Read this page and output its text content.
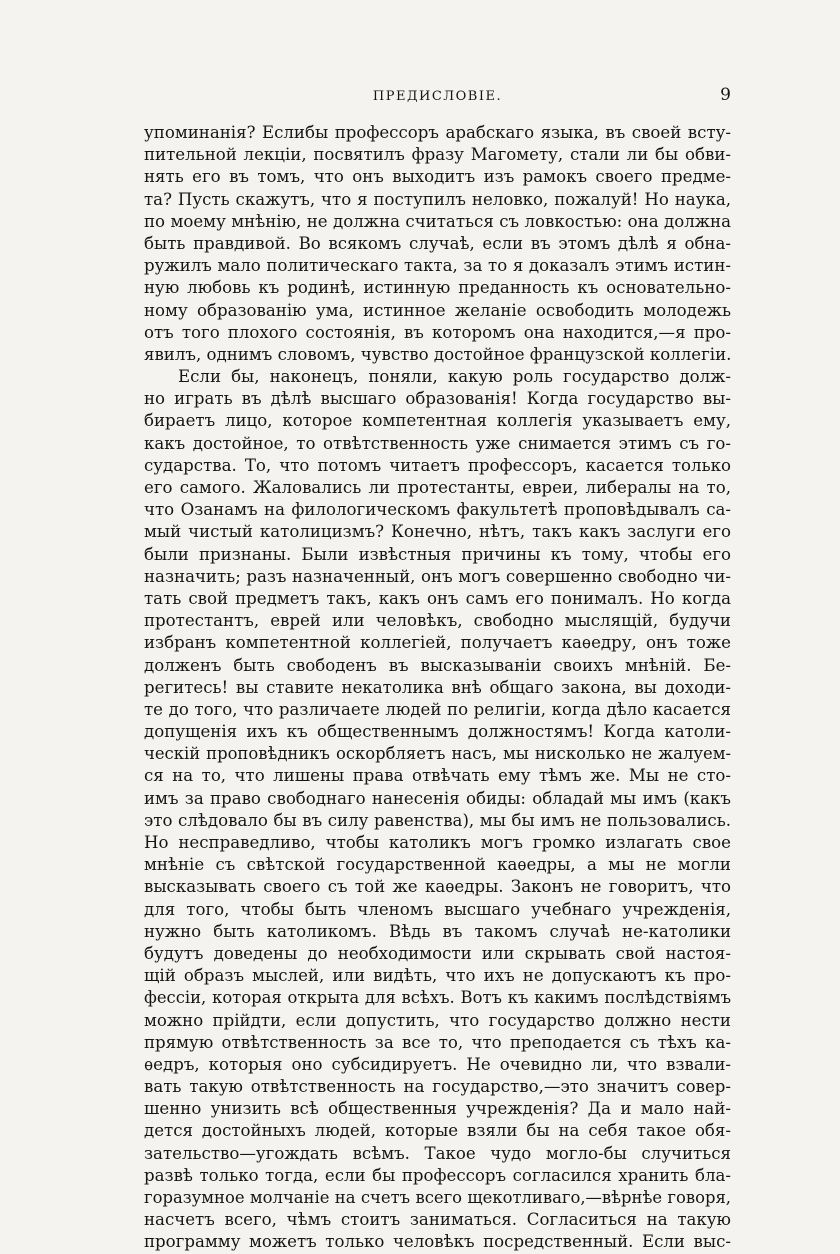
ПРЕДИСЛОВІЕ.	9
упоминанія? Еслибы профессоръ арабскаго языка, въ своей всту-
пительной лекціи, посвятилъ фразу Магомету, стали ли бы обви-
нять его въ томъ, что онъ выходитъ изъ рамокъ своего предме-
та? Пусть скажутъ, что я поступилъ неловко, пожалуй! Но наука,
по моему мнѣнію, не должна считаться съ ловкостью: она должна
быть правдивой. Во всякомъ случаѣ, если въ этомъ дѣлѣ я обна-
ружилъ мало политическаго такта, за то я доказалъ этимъ истин-
ную любовь къ родинѣ, истинную преданность къ основательно-
ному образованію ума, истинное желаніе освободить молодежь
отъ того плохого состоянія, въ которомъ она находится,—я про-
явилъ, однимъ словомъ, чувство достойное французской коллегіи.
Если бы, наконецъ, поняли, какую роль государство долж-
но играть въ дѣлѣ высшаго образованія! Когда государство вы-
бираетъ лицо, которое компетентная коллегія указываетъ ему,
какъ достойное, то отвѣтственность уже снимается этимъ съ го-
сударства. То, что потомъ читаетъ профессоръ, касается только
его самого. Жаловались ли протестанты, евреи, либералы на то,
что Озанамъ на филологическомъ факультетѣ проповѣдывалъ са-
мый чистый католицизмъ? Конечно, нѣтъ, такъ какъ заслуги его
были признаны. Были извѣстныя причины къ тому, чтобы его
назначить; разъ назначенный, онъ могъ совершенно свободно чи-
тать свой предметъ такъ, какъ онъ самъ его понималъ. Но когда
протестантъ, еврей или человѣкъ, свободно мыслящій, будучи
избранъ компетентной коллегіей, получаетъ каѳедру, онъ тоже
долженъ быть свободенъ въ высказываніи своихъ мнѣній. Бе-
регитесь! вы ставите некатолика внѣ общаго закона, вы доходи-
те до того, что различаете людей по религіи, когда дѣло касается
допущенія ихъ къ общественнымъ должностямъ! Когда католи-
ческій проповѣдникъ оскорбляетъ насъ, мы нисколько не жалуем-
ся на то, что лишены права отвѣчать ему тѣмъ же. Мы не сто-
имъ за право свободнаго нанесенія обиды: обладай мы имъ (какъ
это слѣдовало бы въ силу равенства), мы бы имъ не пользовались.
Но несправедливо, чтобы католикъ могъ громко излагать свое
мнѣніе съ свѣтской государственной каѳедры, а мы не могли
высказывать своего съ той же каѳедры. Законъ не говоритъ, что
для того, чтобы быть членомъ высшаго учебнаго учрежденія,
нужно быть католикомъ. Вѣдь въ такомъ случаѣ не-католики
будутъ доведены до необходимости или скрывать свой настоя-
щій образъ мыслей, или видѣть, что ихъ не допускаютъ къ про-
фессіи, которая открыта для всѣхъ. Вотъ къ какимъ послѣдствіямъ
можно прійдти, если допустить, что государство должно нести
прямую отвѣтственность за все то, что преподается съ тѣхъ ка-
ѳедръ, которыя оно субсидируетъ. Не очевидно ли, что взвали-
вать такую отвѣтственность на государство,—это значитъ совер-
шенно унизить всѣ общественныя учрежденія? Да и мало най-
дется достойныхъ людей, которые взяли бы на себя такое обя-
зательство—угождать всѣмъ. Такое чудо могло-бы случиться
развѣ только тогда, если бы профессоръ согласился хранить бла-
горазумное молчаніе на счетъ всего щекотливаго,—вѣрнѣе говоря,
насчетъ всего, чѣмъ стоитъ заниматься. Согласиться на такую
программу можетъ только человѣкъ посредственный. Если выс-
